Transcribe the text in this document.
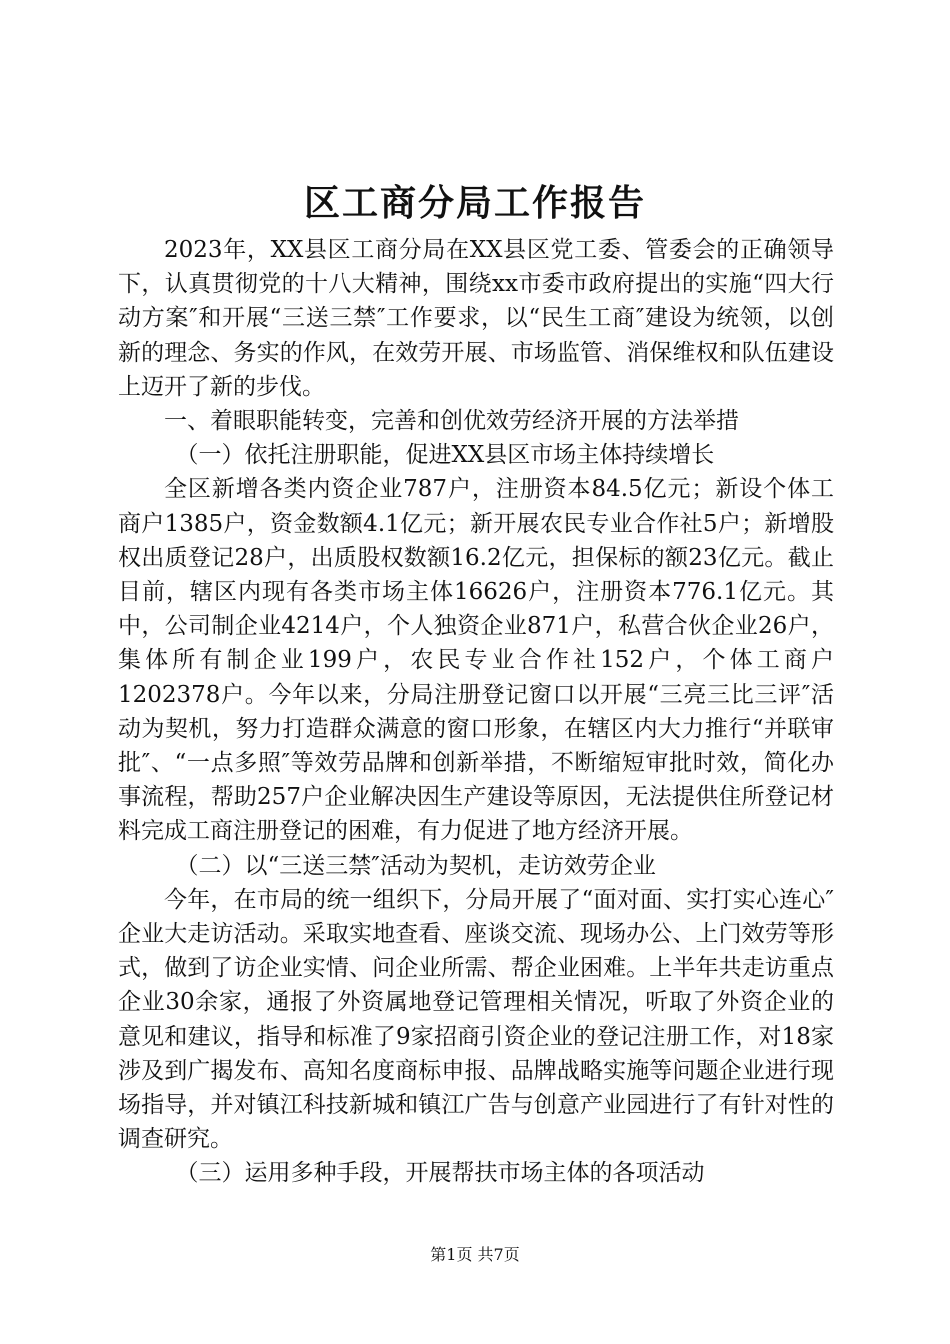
区工商分局工作报告

2023年，XX县区工商分局在XX县区党工委、管委会的正确领导下，认真贯彻党的十八大精神，围绕xx市委市政府提出的实施“四大行动方案″和开展“三送三禁″工作要求，以“民生工商″建设为统领，以创新的理念、务实的作风，在效劳开展、市场监管、消保维权和队伍建设上迈开了新的步伐。

一、着眼职能转变，完善和创优效劳经济开展的方法举措

（一）依托注册职能，促进XX县区市场主体持续增长

全区新增各类内资企业787户，注册资本84.5亿元；新设个体工商户1385户，资金数额4.1亿元；新开展农民专业合作社5户；新增股权出质登记28户，出质股权数额16.2亿元，担保标的额23亿元。截止目前，辖区内现有各类市场主体16626户，注册资本776.1亿元。其中，公司制企业4214户，个人独资企业871户，私营合伙企业26户，集体所有制企业199户，农民专业合作社152户，个体工商户1202378户。今年以来，分局注册登记窗口以开展“三亮三比三评″活动为契机，努力打造群众满意的窗口形象，在辖区内大力推行“并联审批″、“一点多照″等效劳品牌和创新举措，不断缩短审批时效，简化办事流程，帮助257户企业解决因生产建设等原因，无法提供住所登记材料完成工商注册登记的困难，有力促进了地方经济开展。

（二）以“三送三禁″活动为契机，走访效劳企业

今年，在市局的统一组织下，分局开展了“面对面、实打实心连心″企业大走访活动。采取实地查看、座谈交流、现场办公、上门效劳等形式，做到了访企业实情、问企业所需、帮企业困难。上半年共走访重点企业30余家，通报了外资属地登记管理相关情况，听取了外资企业的意见和建议，指导和标准了9家招商引资企业的登记注册工作，对18家涉及到广揭发布、高知名度商标申报、品牌战略实施等问题企业进行现场指导，并对镇江科技新城和镇江广告与创意产业园进行了有针对性的调查研究。

（三）运用多种手段，开展帮扶市场主体的各项活动

第1页 共7页
